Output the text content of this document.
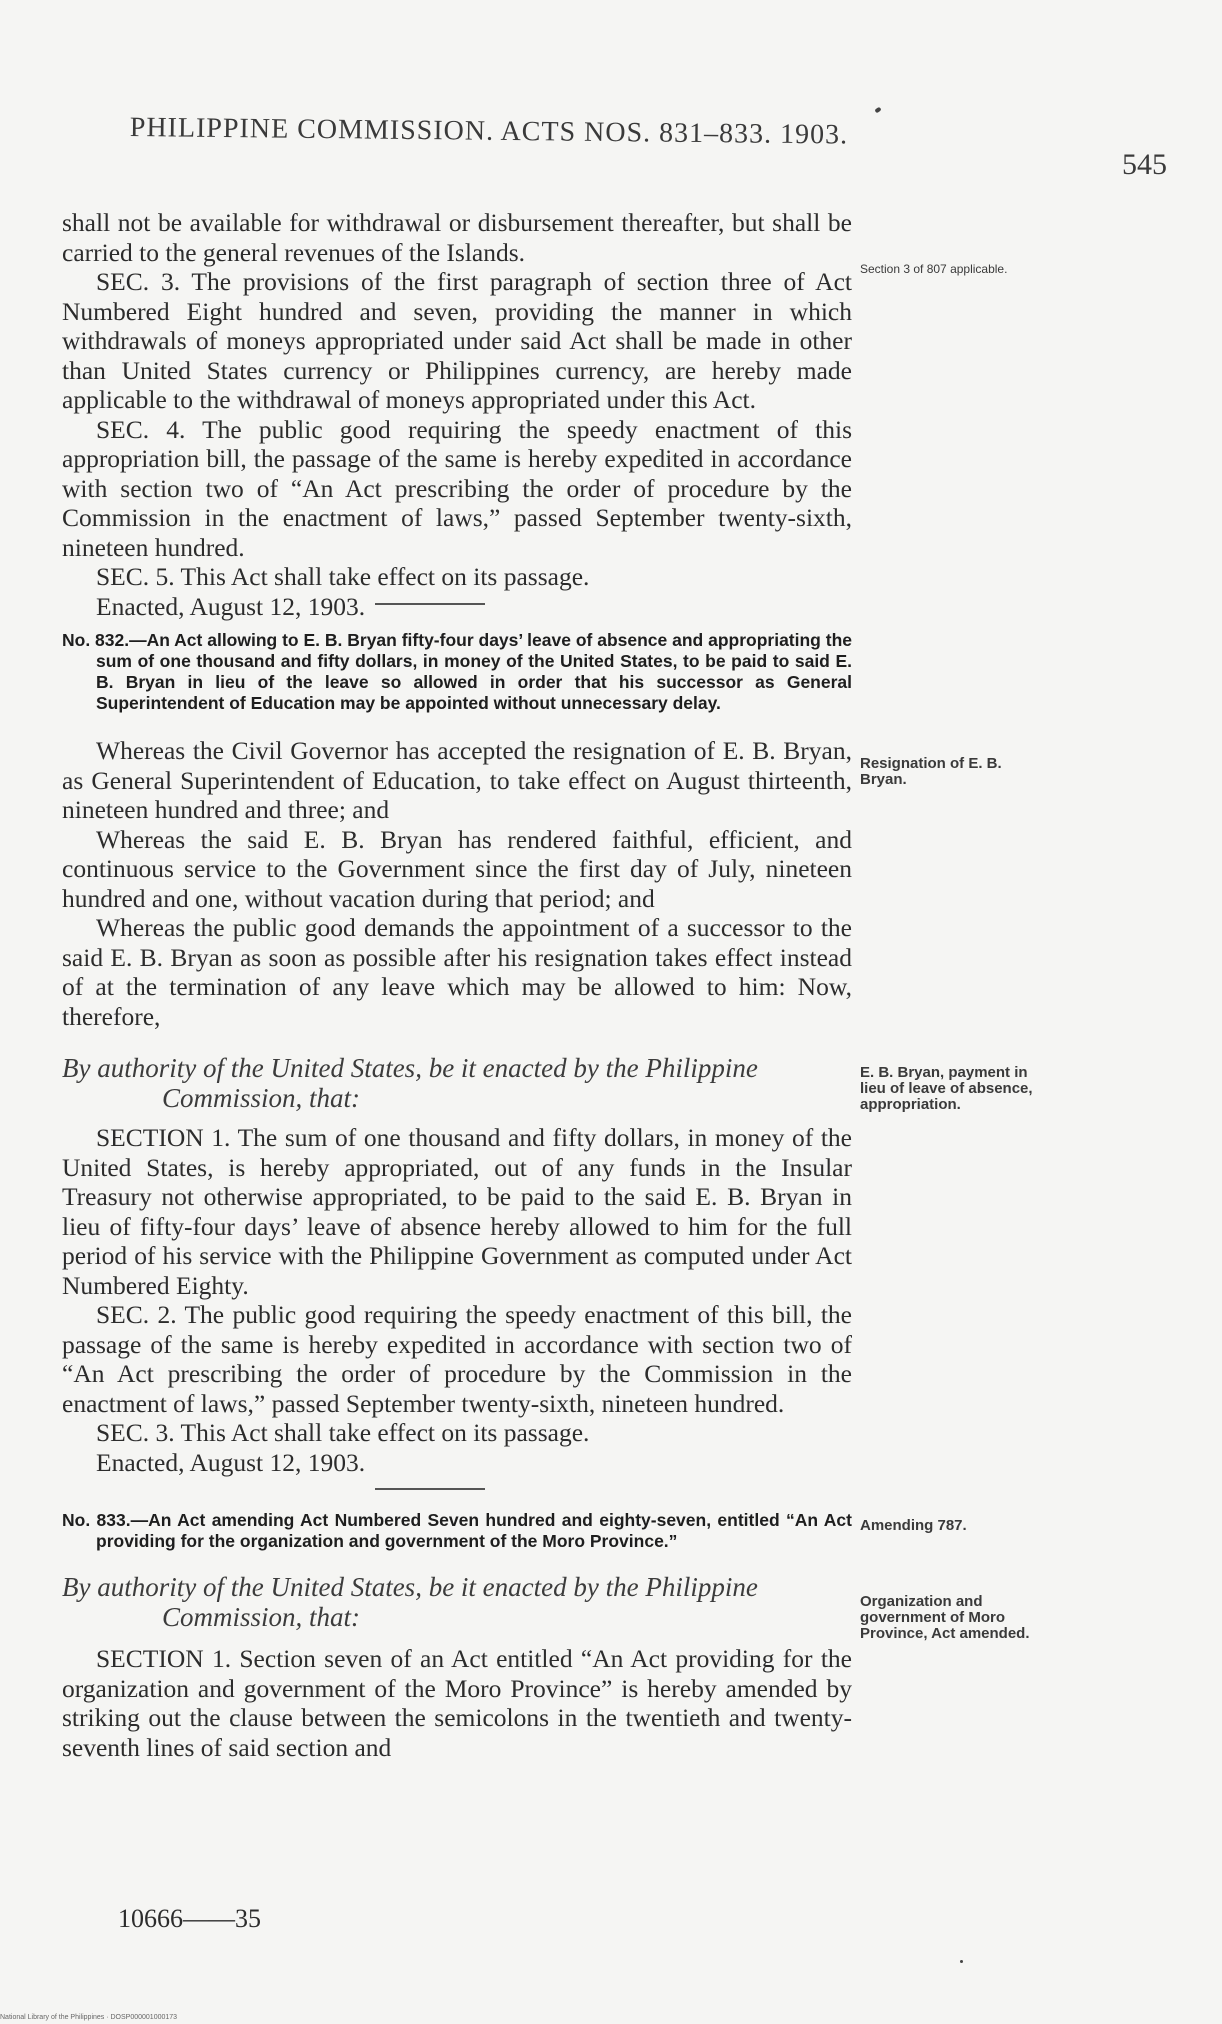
PHILIPPINE COMMISSION. ACTS NOS. 831–833. 1903.
545

shall not be available for withdrawal or disbursement thereafter, but shall be carried to the general revenues of the Islands.

SEC. 3. The provisions of the first paragraph of section three of Act Numbered Eight hundred and seven, providing the manner in which withdrawals of moneys appropriated under said Act shall be made in other than United States currency or Philippines currency, are hereby made applicable to the withdrawal of moneys appropriated under this Act.

SEC. 4. The public good requiring the speedy enactment of this appropriation bill, the passage of the same is hereby expedited in accordance with section two of “An Act prescribing the order of procedure by the Commission in the enactment of laws,” passed September twenty-sixth, nineteen hundred.

SEC. 5. This Act shall take effect on its passage.

Enacted, August 12, 1903.

No. 832.—An Act allowing to E. B. Bryan fifty-four days’ leave of absence and appropriating the sum of one thousand and fifty dollars, in money of the United States, to be paid to said E. B. Bryan in lieu of the leave so allowed in order that his successor as General Superintendent of Education may be appointed without unnecessary delay.

Whereas the Civil Governor has accepted the resignation of E. B. Bryan, as General Superintendent of Education, to take effect on August thirteenth, nineteen hundred and three; and

Whereas the said E. B. Bryan has rendered faithful, efficient, and continuous service to the Government since the first day of July, nineteen hundred and one, without vacation during that period; and

Whereas the public good demands the appointment of a successor to the said E. B. Bryan as soon as possible after his resignation takes effect instead of at the termination of any leave which may be allowed to him: Now, therefore,

By authority of the United States, be it enacted by the Philippine
Commission, that:

SECTION 1. The sum of one thousand and fifty dollars, in money of the United States, is hereby appropriated, out of any funds in the Insular Treasury not otherwise appropriated, to be paid to the said E. B. Bryan in lieu of fifty-four days’ leave of absence hereby allowed to him for the full period of his service with the Philippine Government as computed under Act Numbered Eighty.

SEC. 2. The public good requiring the speedy enactment of this bill, the passage of the same is hereby expedited in accordance with section two of “An Act prescribing the order of procedure by the Commission in the enactment of laws,” passed September twenty-sixth, nineteen hundred.

SEC. 3. This Act shall take effect on its passage.

Enacted, August 12, 1903.

No. 833.—An Act amending Act Numbered Seven hundred and eighty-seven, entitled “An Act providing for the organization and government of the Moro Province.”

By authority of the United States, be it enacted by the Philippine
Commission, that:

SECTION 1. Section seven of an Act entitled “An Act providing for the organization and government of the Moro Province” is hereby amended by striking out the clause between the semicolons in the twentieth and twenty-seventh lines of said section and

Section 3 of 807 applicable.
Resignation of E. B. Bryan.
E. B. Bryan, payment in lieu of leave of absence, appropriation.
Amending 787.
Organization and government of Moro Province, Act amended.
10666——35
National Library of the Philippines · DOSP000001000173
